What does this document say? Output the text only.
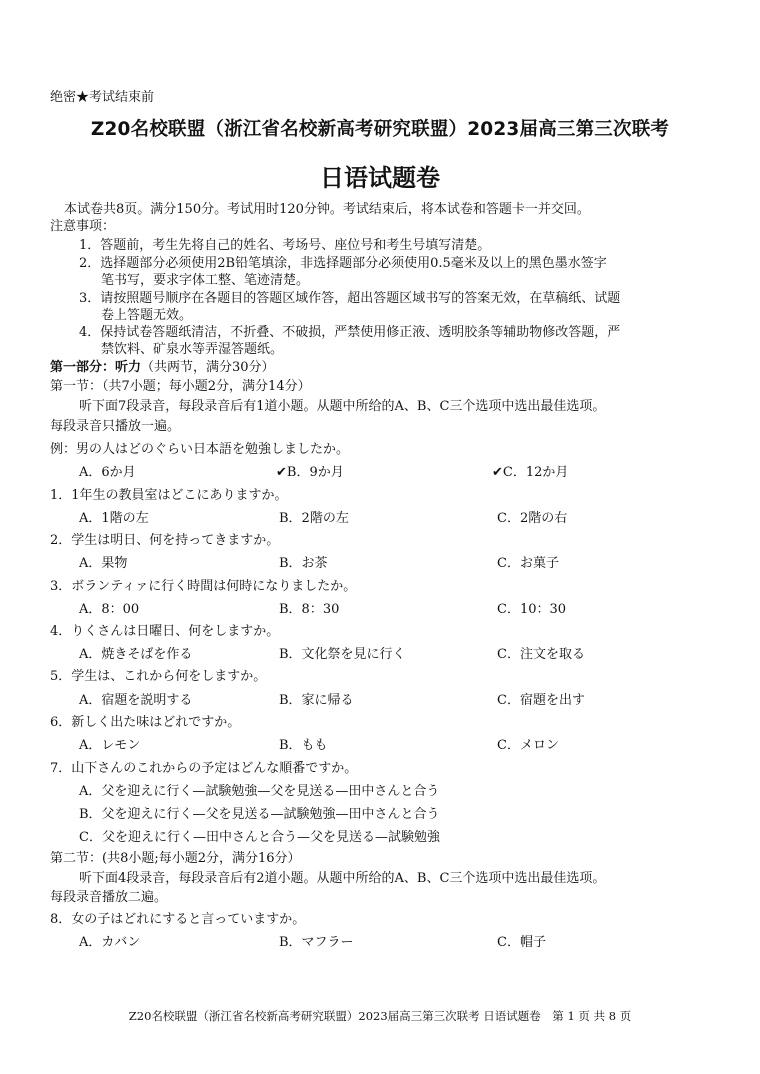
绝密★考试结束前
Z20名校联盟（浙江省名校新高考研究联盟）2023届高三第三次联考
日语试题卷
本试卷共8页。满分150分。考试用时120分钟。考试结束后，将本试卷和答题卡一并交回。
注意事项：
1．答题前，考生先将自己的姓名、考场号、座位号和考生号填写清楚。
2．选择题部分必须使用2B铅笔填涂，非选择题部分必须使用0.5毫米及以上的黑色墨水签字
笔书写，要求字体工整、笔迹清楚。
3．请按照题号顺序在各题目的答题区域作答，超出答题区域书写的答案无效，在草稿纸、试题
卷上答题无效。
4．保持试卷答题纸清洁，不折叠、不破损，严禁使用修正液、透明胶条等辅助物修改答题，严
禁饮料、矿泉水等弄湿答题纸。
第一部分：听力（共两节，满分30分）
第一节：（共7小题；每小题2分，满分14分）
听下面7段录音，每段录音后有1道小题。从题中所给的A、B、C三个选项中选出最佳选项。
每段录音只播放一遍。
例：男の人はどのぐらい日本語を勉強しましたか。
A．6か月	✔B．9か月	✔C．12か月
1．1年生の教員室はどこにありますか。
A．1階の左	B．2階の左	C．2階の右
2．学生は明日、何を持ってきますか。
A．果物	B．お茶	C．お菓子
3．ボランティァに行く時間は何時になりましたか。
A．8：00	B．8：30	C．10：30
4．りくさんは日曜日、何をしますか。
A．焼きそばを作る	B．文化祭を見に行く	C．注文を取る
5．学生は、これから何をしますか。
A．宿題を説明する	B．家に帰る	C．宿題を出す
6．新しく出た味はどれですか。
A．レモン	B．もも	C．メロン
7．山下さんのこれからの予定はどんな順番ですか。
A．父を迎えに行く—試験勉強—父を見送る—田中さんと合う
B．父を迎えに行く—父を見送る—試験勉強—田中さんと合う
C．父を迎えに行く—田中さんと合う—父を見送る—試験勉強
第二节：(共8小题;每小题2分，满分16分）
听下面4段录音，每段录音后有2道小题。从题中所给的A、B、C三个选项中选出最佳选项。
每段录音播放二遍。
8．女の子はどれにすると言っていますか。
A．カバン	B．マフラー	C．帽子
Z20名校联盟（浙江省名校新高考研究联盟）2023届高三第三次联考 日语试题卷　第 1 页 共 8 页
